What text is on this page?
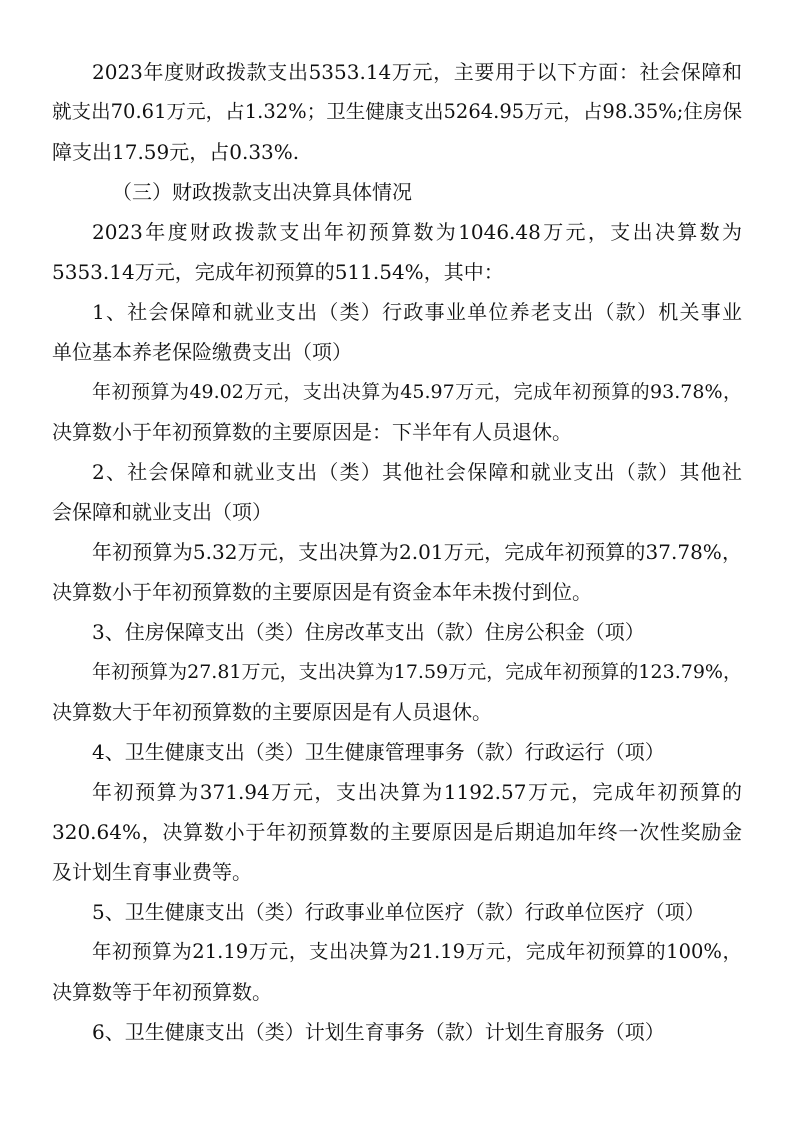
2023年度财政拨款支出5353.14万元，主要用于以下方面：社会保障和
就支出70.61万元，占1.32%；卫生健康支出5264.95万元，占98.35%;住房保
障支出17.59元，占0.33%.

（三）财政拨款支出决算具体情况

2023年度财政拨款支出年初预算数为1046.48万元，支出决算数为
5353.14万元，完成年初预算的511.54%，其中：

1、社会保障和就业支出（类）行政事业单位养老支出（款）机关事业
单位基本养老保险缴费支出（项）

年初预算为49.02万元，支出决算为45.97万元，完成年初预算的93.78%，
决算数小于年初预算数的主要原因是：下半年有人员退休。

2、社会保障和就业支出（类）其他社会保障和就业支出（款）其他社
会保障和就业支出（项）

年初预算为5.32万元，支出决算为2.01万元，完成年初预算的37.78%，
决算数小于年初预算数的主要原因是有资金本年未拨付到位。

3、住房保障支出（类）住房改革支出（款）住房公积金（项）

年初预算为27.81万元，支出决算为17.59万元，完成年初预算的123.79%，
决算数大于年初预算数的主要原因是有人员退休。

4、卫生健康支出（类）卫生健康管理事务（款）行政运行（项）

年初预算为371.94万元，支出决算为1192.57万元，完成年初预算的
320.64%，决算数小于年初预算数的主要原因是后期追加年终一次性奖励金
及计划生育事业费等。

5、卫生健康支出（类）行政事业单位医疗（款）行政单位医疗（项）

年初预算为21.19万元，支出决算为21.19万元，完成年初预算的100%，
决算数等于年初预算数。

6、卫生健康支出（类）计划生育事务（款）计划生育服务（项）
